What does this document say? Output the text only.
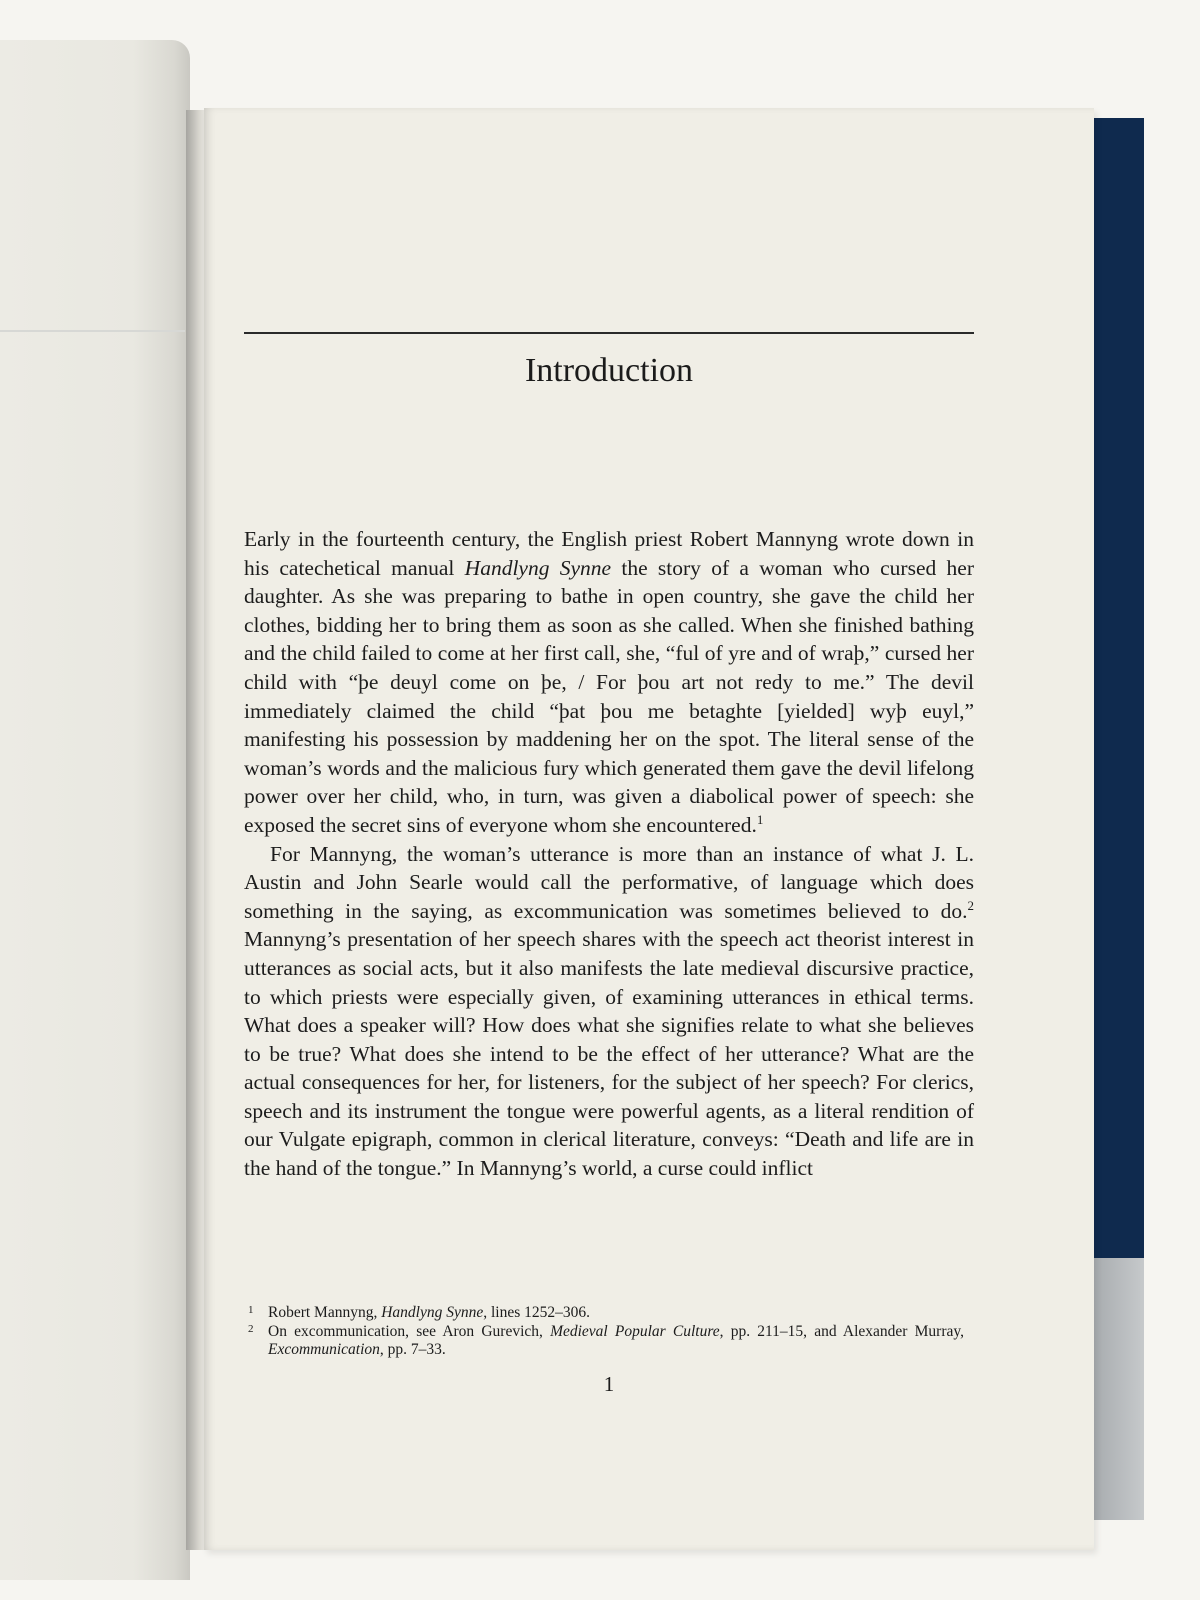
Introduction

Early in the fourteenth century, the English priest Robert Mannyng wrote down in his catechetical manual Handlyng Synne the story of a woman who cursed her daughter. As she was preparing to bathe in open country, she gave the child her clothes, bidding her to bring them as soon as she called. When she finished bathing and the child failed to come at her first call, she, “ful of yre and of wraþ,” cursed her child with “þe deuyl come on þe, / For þou art not redy to me.” The devil immediately claimed the child “þat þou me betaghte [yielded] wyþ euyl,” manifesting his possession by maddening her on the spot. The literal sense of the woman’s words and the malicious fury which generated them gave the devil lifelong power over her child, who, in turn, was given a diabolical power of speech: she exposed the secret sins of everyone whom she encountered.$^1$

For Mannyng, the woman’s utterance is more than an instance of what J. L. Austin and John Searle would call the performative, of language which does something in the saying, as excommunication was sometimes believed to do.$^2$ Mannyng’s presentation of her speech shares with the speech act theorist interest in utterances as social acts, but it also manifests the late medieval discursive practice, to which priests were especially given, of examining utterances in ethical terms. What does a speaker will? How does what she signifies relate to what she believes to be true? What does she intend to be the effect of her utterance? What are the actual consequences for her, for listeners, for the subject of her speech? For clerics, speech and its instrument the tongue were powerful agents, as a literal rendition of our Vulgate epigraph, common in clerical literature, conveys: “Death and life are in the hand of the tongue.” In Mannyng’s world, a curse could inflict

1 Robert Mannyng, Handlyng Synne, lines 1252–306.
2 On excommunication, see Aron Gurevich, Medieval Popular Culture, pp. 211–15, and Alexander Murray, Excommunication, pp. 7–33.
1
